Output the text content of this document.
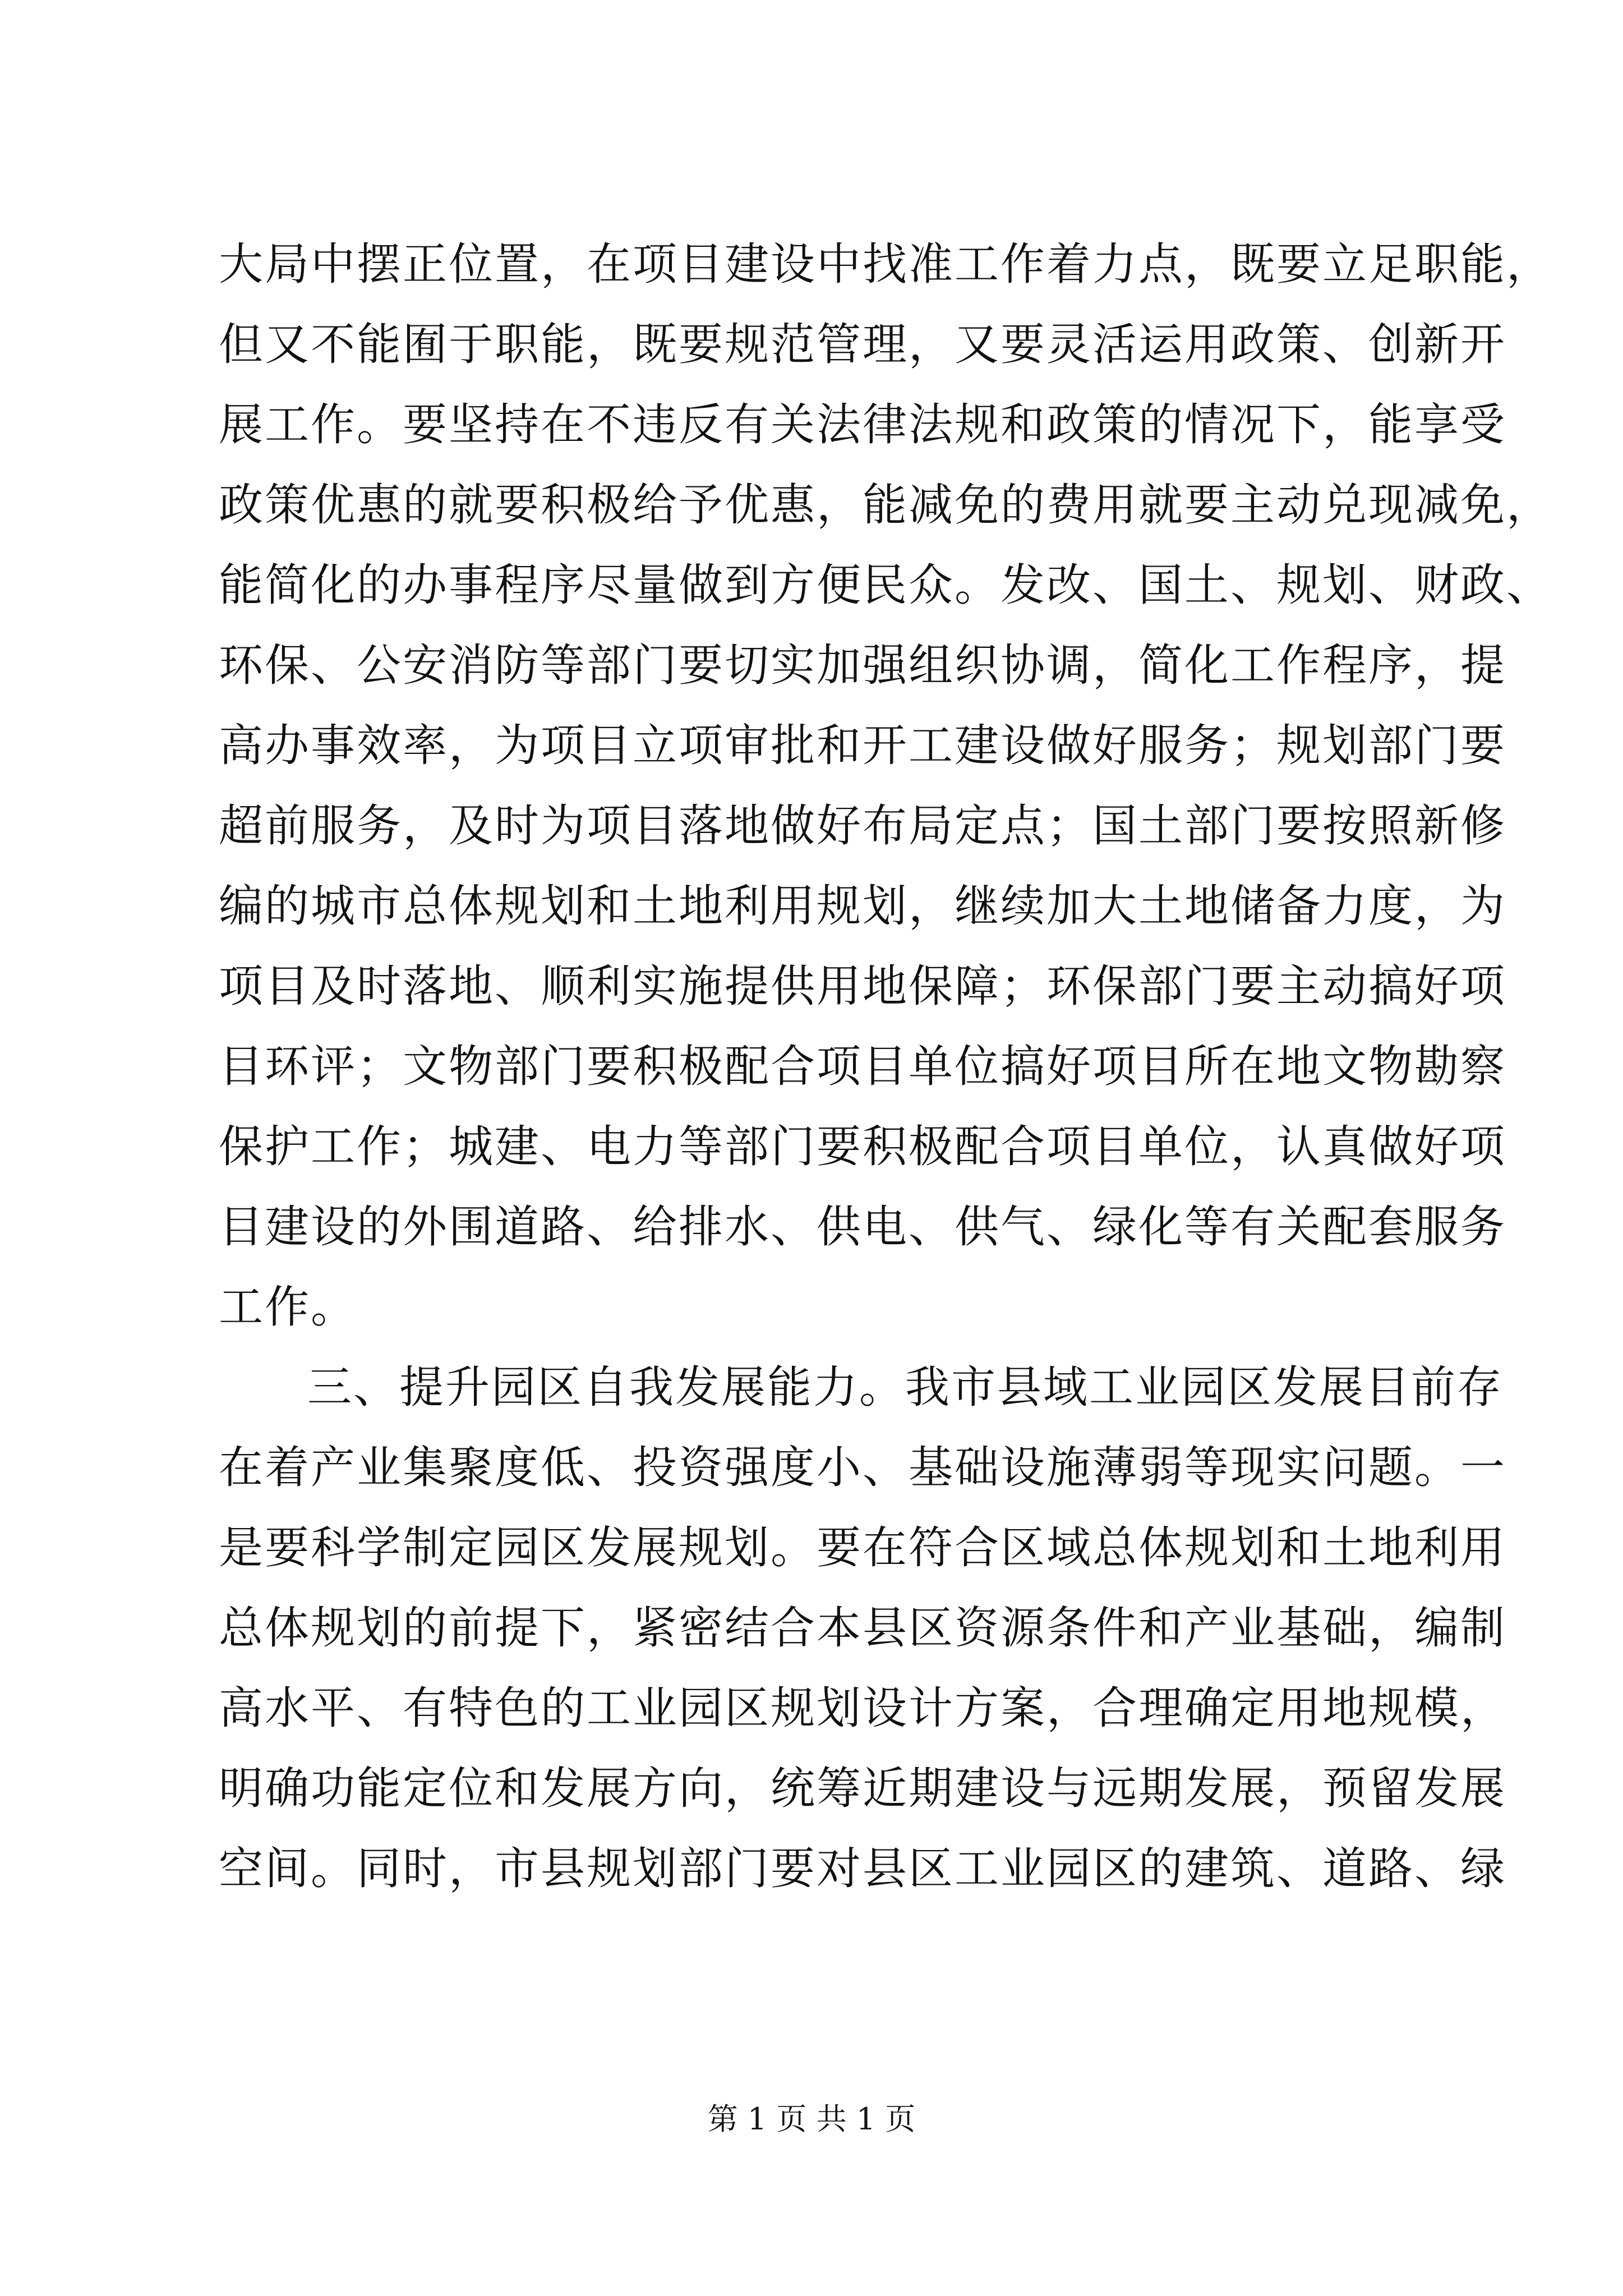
大局中摆正位置，在项目建设中找准工作着力点，既要立足职能，
但又不能囿于职能，既要规范管理，又要灵活运用政策、创新开
展工作。要坚持在不违反有关法律法规和政策的情况下，能享受
政策优惠的就要积极给予优惠，能减免的费用就要主动兑现减免，
能简化的办事程序尽量做到方便民众。发改、国土、规划、财政、
环保、公安消防等部门要切实加强组织协调，简化工作程序，提
高办事效率，为项目立项审批和开工建设做好服务；规划部门要
超前服务，及时为项目落地做好布局定点；国土部门要按照新修
编的城市总体规划和土地利用规划，继续加大土地储备力度，为
项目及时落地、顺利实施提供用地保障；环保部门要主动搞好项
目环评；文物部门要积极配合项目单位搞好项目所在地文物勘察
保护工作；城建、电力等部门要积极配合项目单位，认真做好项
目建设的外围道路、给排水、供电、供气、绿化等有关配套服务
工作。
三、提升园区自我发展能力。我市县域工业园区发展目前存
在着产业集聚度低、投资强度小、基础设施薄弱等现实问题。一
是要科学制定园区发展规划。要在符合区域总体规划和土地利用
总体规划的前提下，紧密结合本县区资源条件和产业基础，编制
高水平、有特色的工业园区规划设计方案，合理确定用地规模，
明确功能定位和发展方向，统筹近期建设与远期发展，预留发展
空间。同时，市县规划部门要对县区工业园区的建筑、道路、绿
第 1 页 共 1 页
